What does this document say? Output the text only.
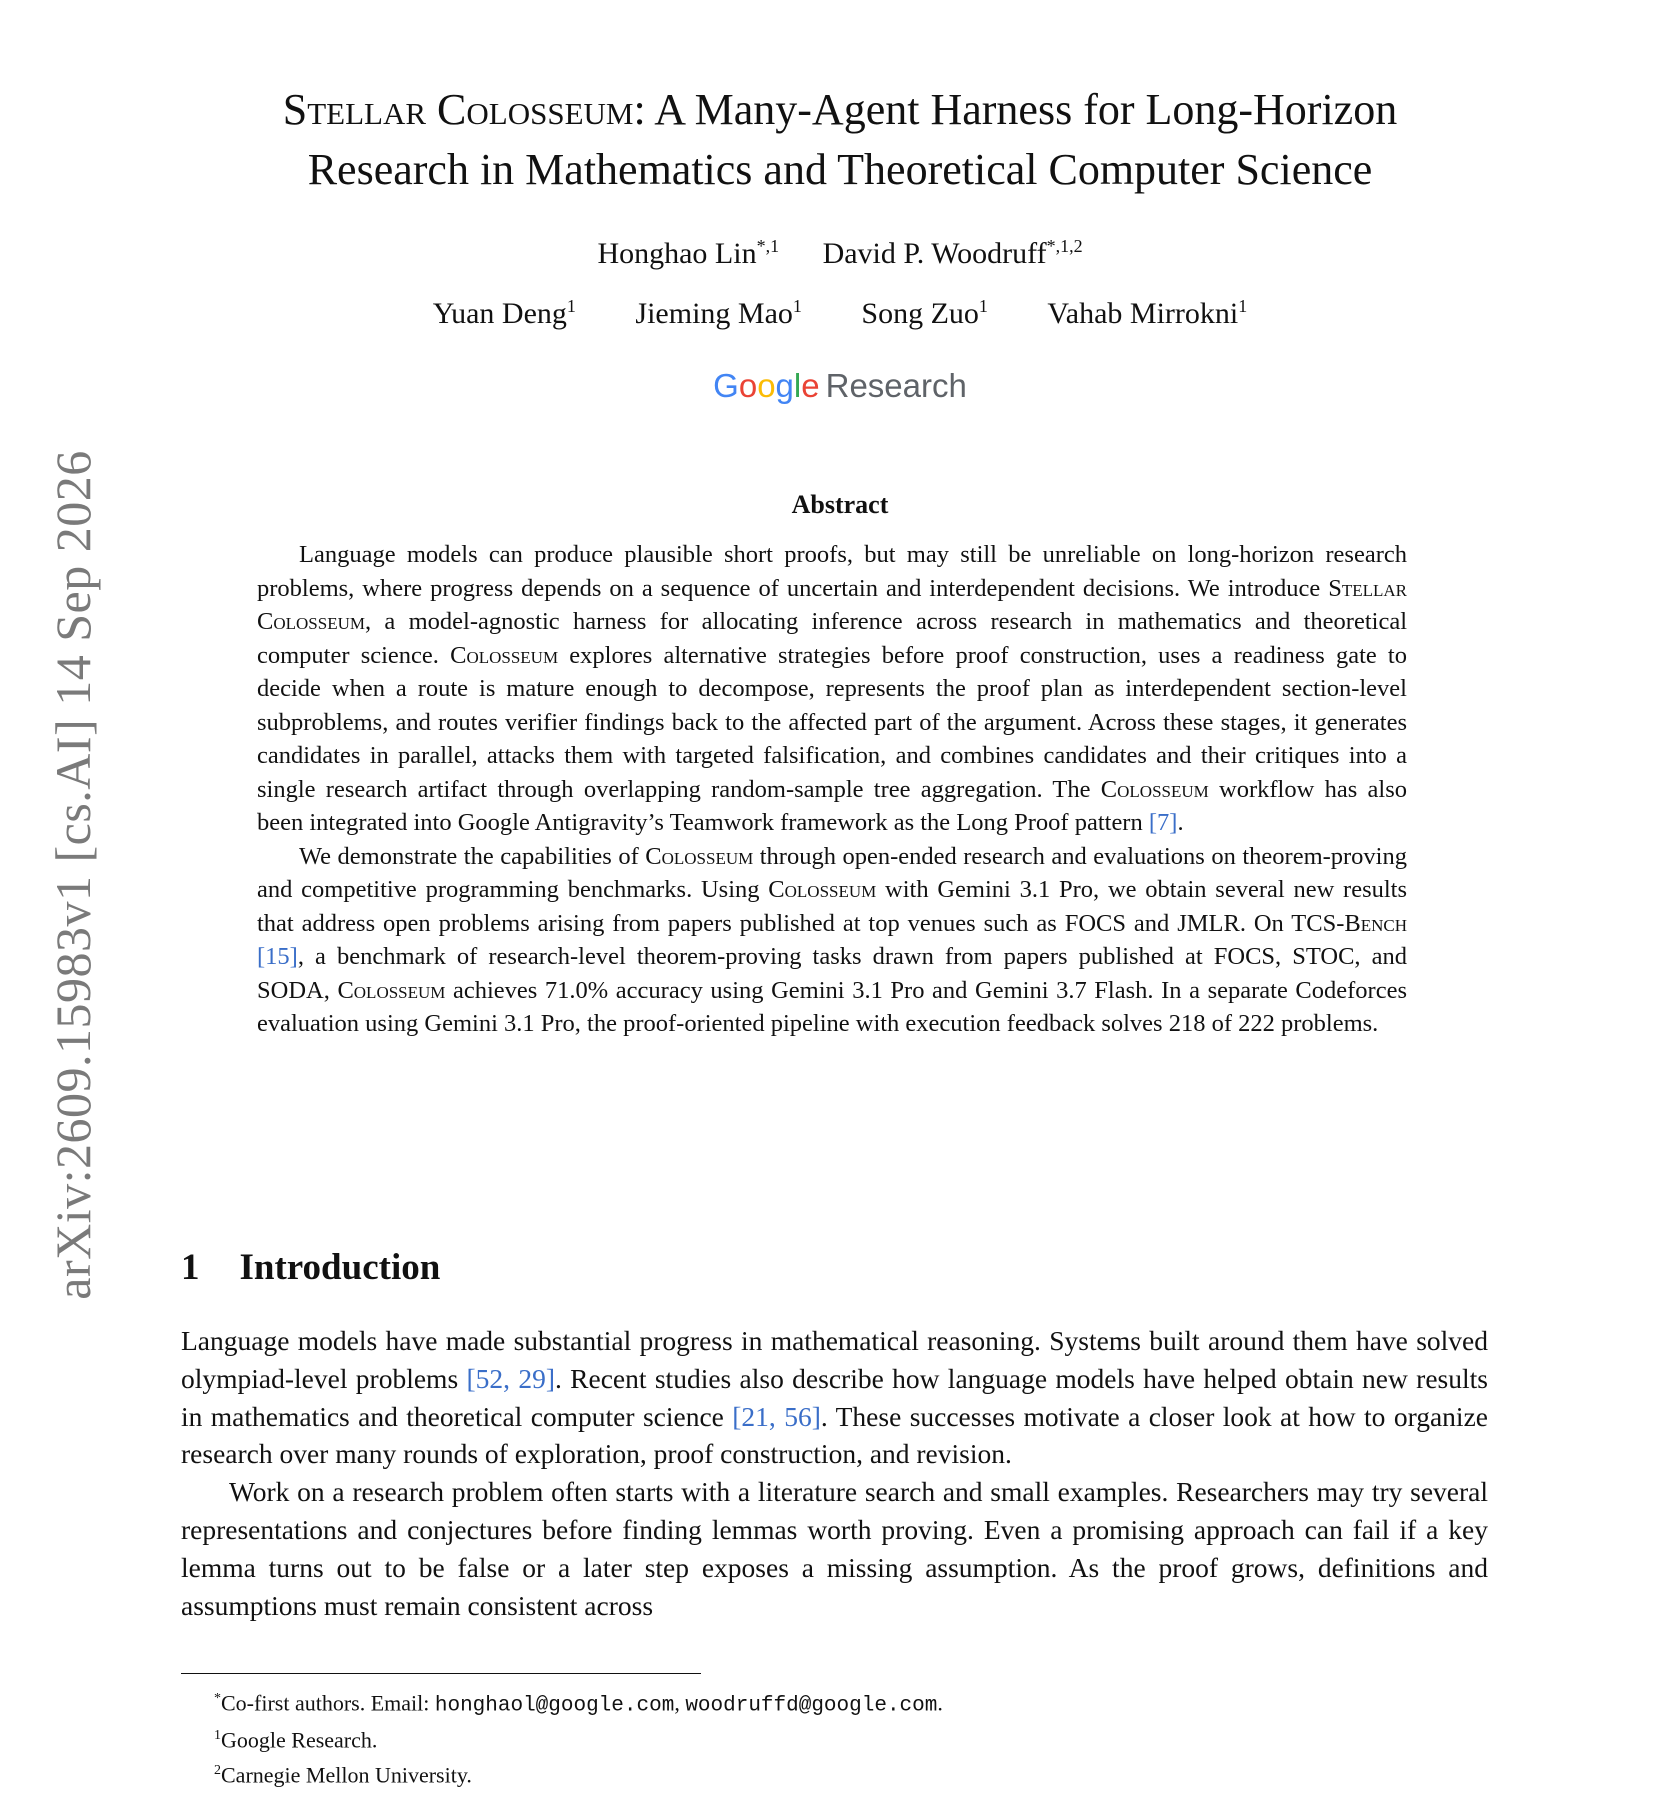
arXiv:2609.15983v1 [cs.AI] 14 Sep 2026
Stellar Colosseum: A Many-Agent Harness for Long-Horizon
Research in Mathematics and Theoretical Computer Science
Honghao Lin$^{*,1}$ David P. Woodruff$^{*,1,2}$
Yuan Deng$^1$ Jieming Mao$^1$ Song Zuo$^1$ Vahab Mirrokni$^1$
Google Research
Abstract

Language models can produce plausible short proofs, but may still be unreliable on long-horizon research problems, where progress depends on a sequence of uncertain and interdependent decisions. We introduce Stellar Colosseum, a model-agnostic harness for allocating inference across research in mathematics and theoretical computer science. Colosseum explores alternative strategies before proof construction, uses a readiness gate to decide when a route is mature enough to decompose, represents the proof plan as interdependent section-level subproblems, and routes verifier findings back to the affected part of the argument. Across these stages, it generates candidates in parallel, attacks them with targeted falsification, and combines candidates and their critiques into a single research artifact through overlapping random-sample tree aggregation. The Colosseum workflow has also been integrated into Google Antigravity’s Teamwork framework as the Long Proof pattern [7].

We demonstrate the capabilities of Colosseum through open-ended research and evaluations on theorem-proving and competitive programming benchmarks. Using Colosseum with Gemini 3.1 Pro, we obtain several new results that address open problems arising from papers published at top venues such as FOCS and JMLR. On TCS-Bench [15], a benchmark of research-level theorem-proving tasks drawn from papers published at FOCS, STOC, and SODA, Colosseum achieves 71.0% accuracy using Gemini 3.1 Pro and Gemini 3.7 Flash. In a separate Codeforces evaluation using Gemini 3.1 Pro, the proof-oriented pipeline with execution feedback solves 218 of 222 problems.

1 Introduction

Language models have made substantial progress in mathematical reasoning. Systems built around them have solved olympiad-level problems [52, 29]. Recent studies also describe how language models have helped obtain new results in mathematics and theoretical computer science [21, 56]. These successes motivate a closer look at how to organize research over many rounds of exploration, proof construction, and revision.

Work on a research problem often starts with a literature search and small examples. Researchers may try several representations and conjectures before finding lemmas worth proving. Even a promising approach can fail if a key lemma turns out to be false or a later step exposes a missing assumption. As the proof grows, definitions and assumptions must remain consistent across

*Co-first authors. Email: honghaol@google.com, woodruffd@google.com.
$^1$Google Research.
$^2$Carnegie Mellon University.
